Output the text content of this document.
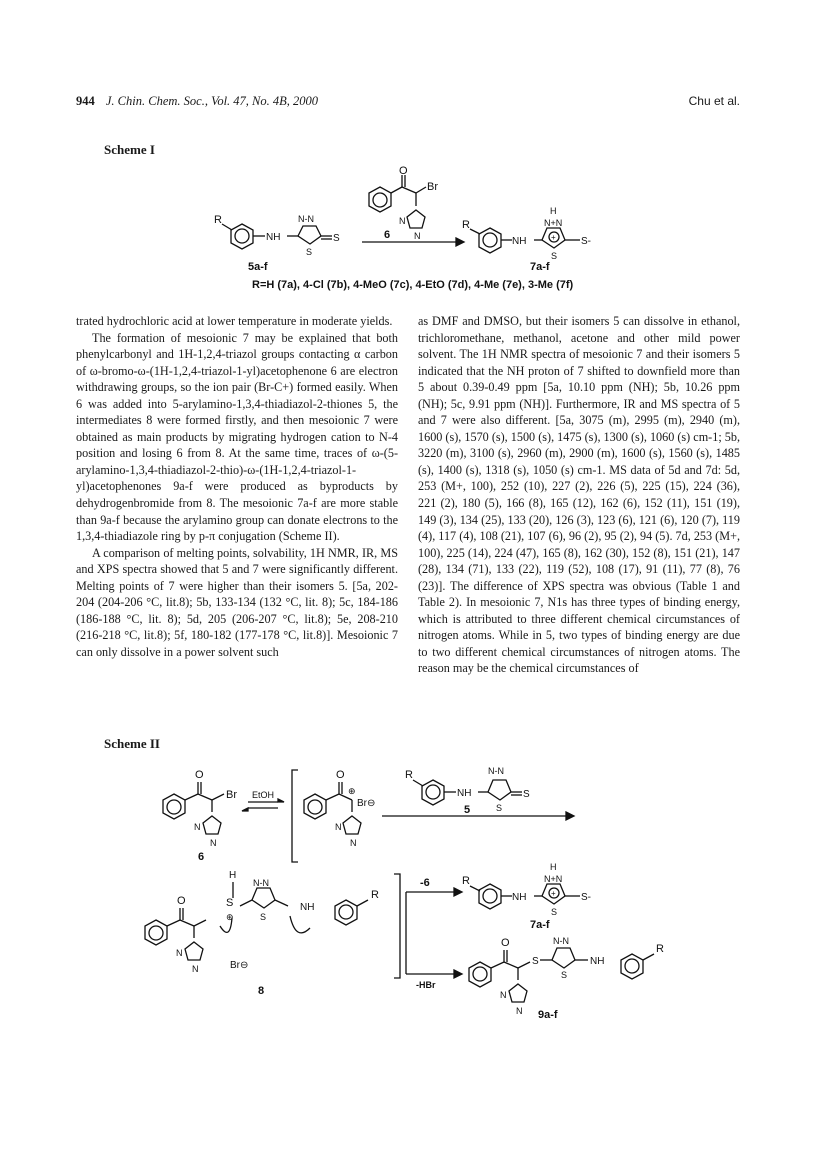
944 J. Chin. Chem. Soc., Vol. 47, No. 4B, 2000	Chu et al.
Scheme I
O
Br
N
N
R
NH
N-N
S
S
5a-f
6
R
NH
H
N+N
+
S
S-
7a-f
R=H (7a), 4-Cl (7b), 4-MeO (7c), 4-EtO (7d), 4-Me (7e), 3-Me (7f)

trated hydrochloric acid at lower temperature in moderate yields.

The formation of mesoionic 7 may be explained that both phenylcarbonyl and 1H-1,2,4-triazol groups contacting α carbon of ω-bromo-ω-(1H-1,2,4-triazol-1-yl)acetophenone 6 are electron withdrawing groups, so the ion pair (Br-C+) formed easily. When 6 was added into 5-arylamino-1,3,4-thiadiazol-2-thiones 5, the intermediates 8 were formed firstly, and then mesoionic 7 were obtained as main products by migrating hydrogen cation to N-4 position and losing 6 from 8. At the same time, traces of ω-(5-arylamino-1,3,4-thiadiazol-2-thio)-ω-(1H-1,2,4-triazol-1-yl)acetophenones 9a-f were produced as byproducts by dehydrogenbromide from 8. The mesoionic 7a-f are more stable than 9a-f because the arylamino group can donate electrons to the 1,3,4-thiadiazole ring by p-π conjugation (Scheme II).

A comparison of melting points, solvability, 1H NMR, IR, MS and XPS spectra showed that 5 and 7 were significantly different. Melting points of 7 were higher than their isomers 5. [5a, 202-204 (204-206 °C, lit.8); 5b, 133-134 (132 °C, lit. 8); 5c, 184-186 (186-188 °C, lit. 8); 5d, 205 (206-207 °C, lit.8); 5e, 208-210 (216-218 °C, lit.8); 5f, 180-182 (177-178 °C, lit.8)]. Mesoionic 7 can only dissolve in a power solvent such

as DMF and DMSO, but their isomers 5 can dissolve in ethanol, trichloromethane, methanol, acetone and other mild power solvent. The 1H NMR spectra of mesoionic 7 and their isomers 5 indicated that the NH proton of 7 shifted to downfield more than 5 about 0.39-0.49 ppm [5a, 10.10 ppm (NH); 5b, 10.26 ppm (NH); 5c, 9.91 ppm (NH)]. Furthermore, IR and MS spectra of 5 and 7 were also different. [5a, 3075 (m), 2995 (m), 2940 (m), 1600 (s), 1570 (s), 1500 (s), 1475 (s), 1300 (s), 1060 (s) cm-1; 5b, 3220 (m), 3100 (s), 2960 (m), 2900 (m), 1600 (s), 1560 (s), 1485 (s), 1400 (s), 1318 (s), 1050 (s) cm-1. MS data of 5d and 7d: 5d, 253 (M+, 100), 252 (10), 227 (2), 226 (5), 225 (15), 224 (36), 221 (2), 180 (5), 166 (8), 165 (12), 162 (6), 152 (11), 151 (19), 149 (3), 134 (25), 133 (20), 126 (3), 123 (6), 121 (6), 120 (7), 119 (4), 117 (4), 108 (21), 107 (6), 96 (2), 95 (2), 94 (5). 7d, 253 (M+, 100), 225 (14), 224 (47), 165 (8), 162 (30), 152 (8), 151 (21), 147 (28), 134 (71), 133 (22), 119 (52), 108 (17), 91 (11), 77 (8), 76 (23)]. The difference of XPS spectra was obvious (Table 1 and Table 2). In mesoionic 7, N1s has three types of binding energy, which is attributed to three different chemical circumstances of nitrogen atoms. While in 5, two types of binding energy are due to two different chemical circumstances of nitrogen atoms. The reason may be the chemical circumstances of

Scheme II
O
Br
N
N
6
EtOH
O
⊕
Br⊖
N
N
R
NH
N-N
S
S
5
O
H
S
⊕
N-N
S
NH
R
N
N	Br⊖
8
-6
-HBr
R
NH
H
N+N
+
S
S-
7a-f
O
S
N-N
S
NH
R
N
N 9a-f
